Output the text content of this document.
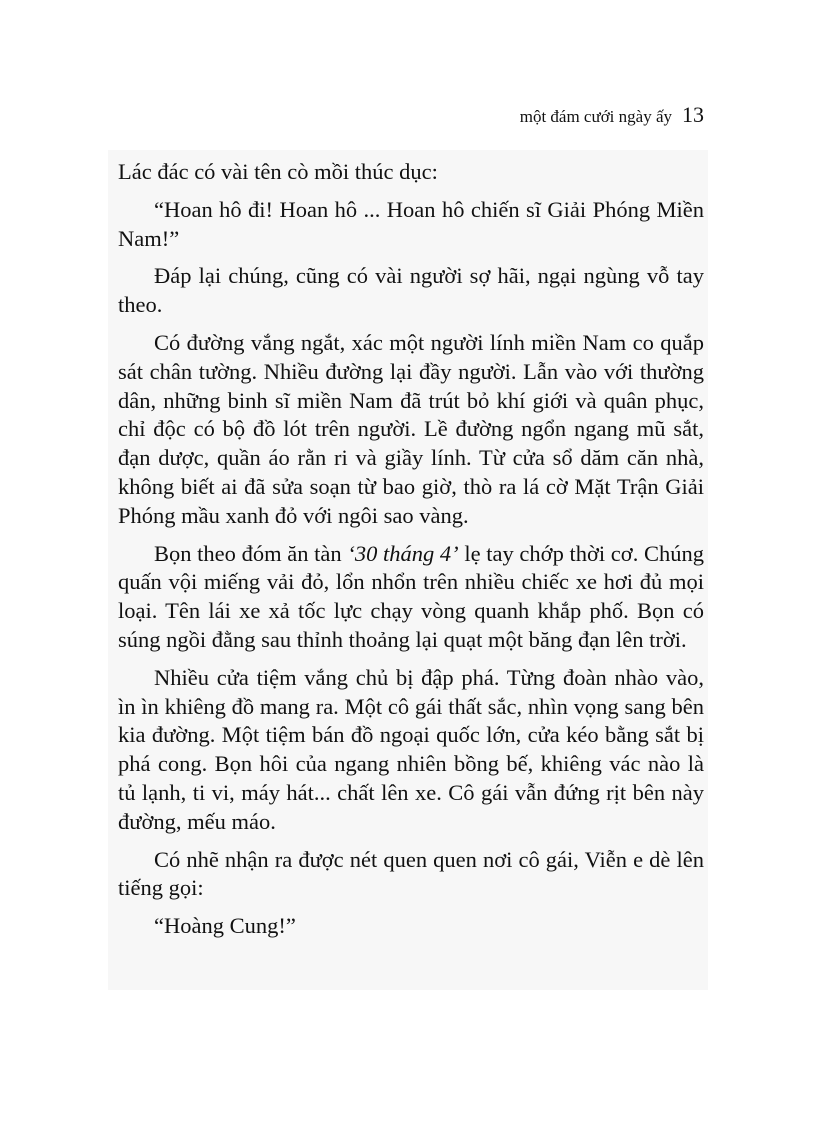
một đám cưới ngày ấy 13

Lác đác có vài tên cò mồi thúc dục:

“Hoan hô đi! Hoan hô ... Hoan hô chiến sĩ Giải Phóng Miền Nam!”

Đáp lại chúng, cũng có vài người sợ hãi, ngại ngùng vỗ tay theo.

Có đường vắng ngắt, xác một người lính miền Nam co quắp sát chân tường. Nhiều đường lại đầy người. Lẫn vào với thường dân, những binh sĩ miền Nam đã trút bỏ khí giới và quân phục, chỉ độc có bộ đồ lót trên người. Lề đường ngổn ngang mũ sắt, đạn dược, quần áo rằn ri và giầy lính. Từ cửa sổ dăm căn nhà, không biết ai đã sửa soạn từ bao giờ, thò ra lá cờ Mặt Trận Giải Phóng mầu xanh đỏ với ngôi sao vàng.

Bọn theo đóm ăn tàn ‘30 tháng 4’ lẹ tay chớp thời cơ. Chúng quấn vội miếng vải đỏ, lổn nhổn trên nhiều chiếc xe hơi đủ mọi loại. Tên lái xe xả tốc lực chạy vòng quanh khắp phố. Bọn có súng ngồi đằng sau thỉnh thoảng lại quạt một băng đạn lên trời.

Nhiều cửa tiệm vắng chủ bị đập phá. Từng đoàn nhào vào, ìn ìn khiêng đồ mang ra. Một cô gái thất sắc, nhìn vọng sang bên kia đường. Một tiệm bán đồ ngoại quốc lớn, cửa kéo bằng sắt bị phá cong. Bọn hôi của ngang nhiên bồng bế, khiêng vác nào là tủ lạnh, ti vi, máy hát... chất lên xe. Cô gái vẫn đứng rịt bên này đường, mếu máo.

Có nhẽ nhận ra được nét quen quen nơi cô gái, Viễn e dè lên tiếng gọi:

“Hoàng Cung!”
